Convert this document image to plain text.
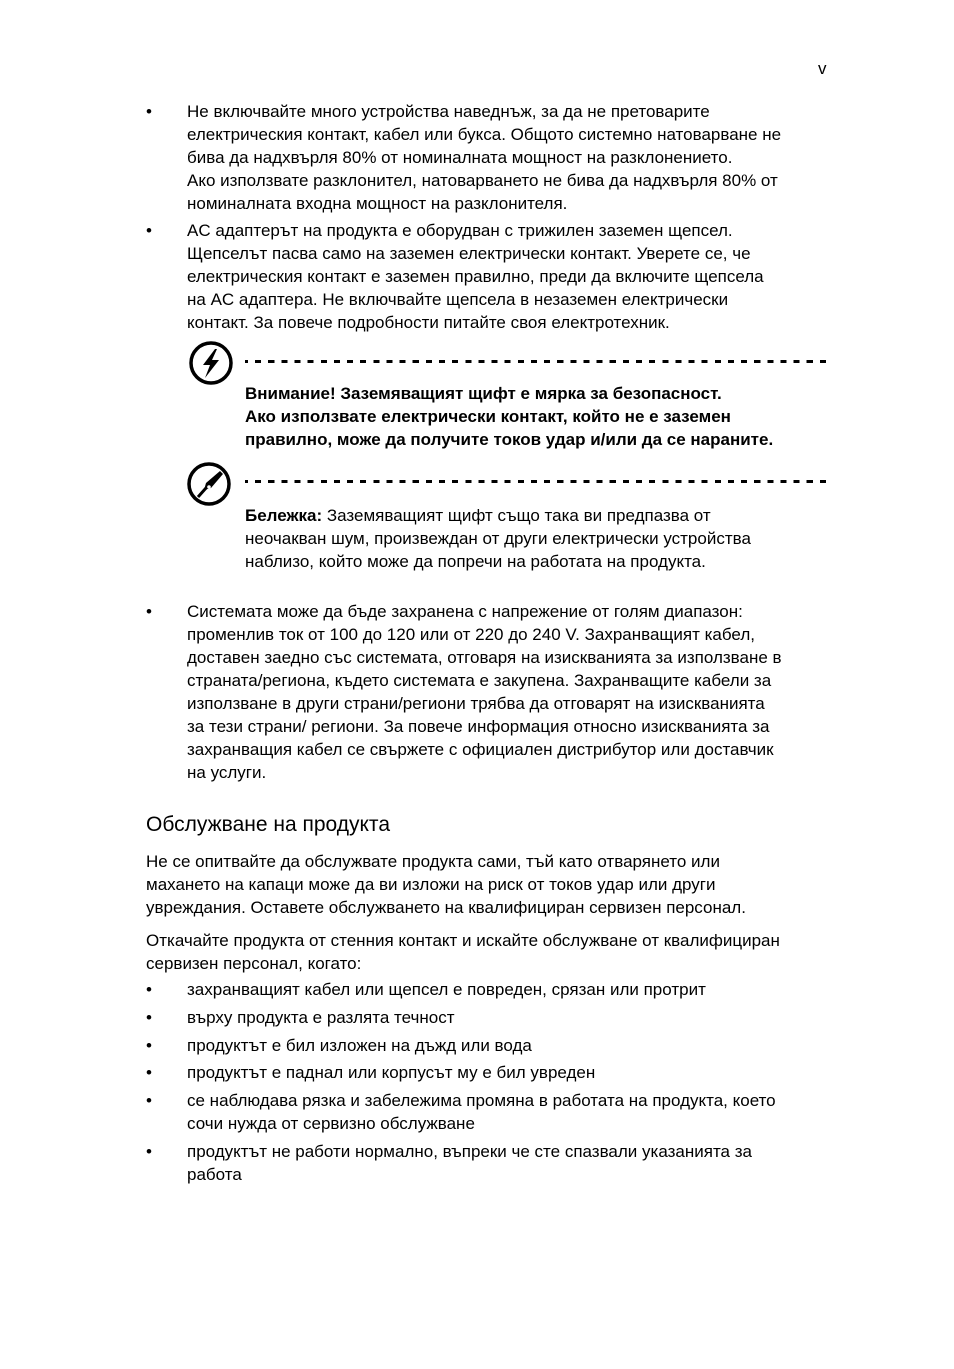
v
• Не включвайте много устройства наведнъж, за да не претоварите
електрическия контакт, кабел или букса. Общото системно натоварване не
бива да надхвърля 80% от номиналната мощност на разклонението.
Ако използвате разклонител, натоварването не бива да надхвърля 80% от
номиналната входна мощност на разклонителя.
• AC адаптерът на продукта е оборудван с трижилен заземен щепсел.
Щепселът пасва само на заземен електрически контакт. Уверете се, че
електрическия контакт е заземен правилно, преди да включите щепсела
на AC адаптера. Не включвайте щепсела в незаземен електрически
контакт. За повече подробности питайте своя електротехник.
Внимание! Заземяващият щифт е мярка за безопасност.
Ако използвате електрически контакт, който не е заземен
правилно, може да получите токов удар и/или да се нараните.
Бележка: Заземяващият щифт също така ви предпазва от
неочакван шум, произвеждан от други електрически устройства
наблизо, който може да попречи на работата на продукта.
• Системата може да бъде захранена с напрежение от голям диапазон:
променлив ток от 100 до 120 или от 220 до 240 V. Захранващият кабел,
доставен заедно със системата, отговаря на изискванията за използване в
страната/региона, където системата е закупена. Захранващите кабели за
използване в други страни/региони трябва да отговарят на изискванията
за тези страни/ региони. За повече информация относно изискванията за
захранващия кабел се свържете с официален дистрибутор или доставчик
на услуги.
Обслужване на продукта
Не се опитвайте да обслужвате продукта сами, тъй като отварянето или
махането на капаци може да ви изложи на риск от токов удар или други
увреждания. Оставете обслужването на квалифициран сервизен персонал.
Откачайте продукта от стенния контакт и искайте обслужване от квалифициран
сервизен персонал, когато:
• захранващият кабел или щепсел е повреден, срязан или протрит
• върху продукта е разлята течност
• продуктът е бил изложен на дъжд или вода
• продуктът е паднал или корпусът му е бил увреден
• се наблюдава рязка и забележима промяна в работата на продукта, което
сочи нужда от сервизно обслужване
• продуктът не работи нормално, въпреки че сте спазвали указанията за
работа
